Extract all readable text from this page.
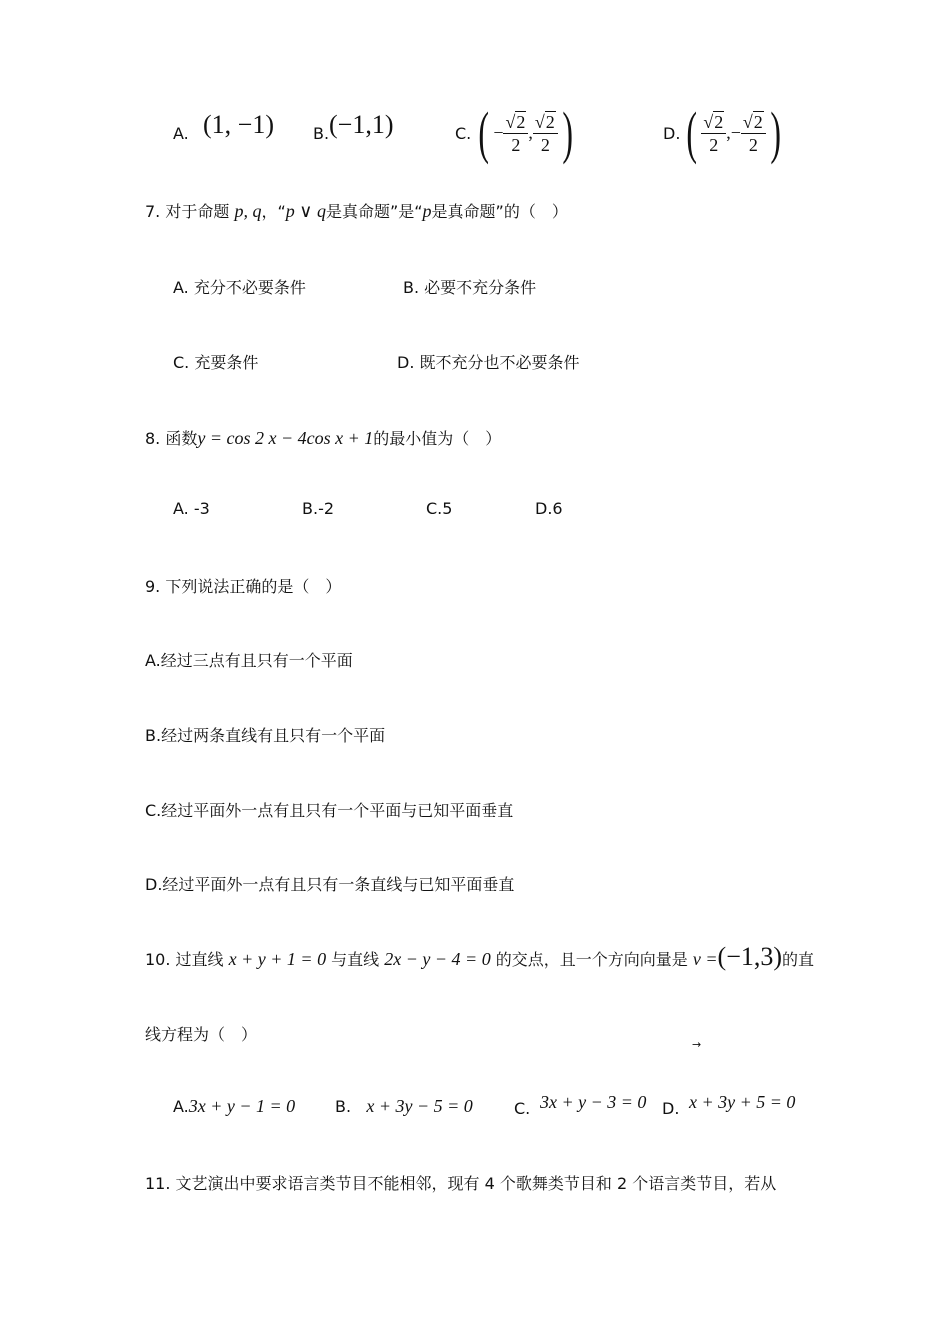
A. (1, −1) B. (−1,1)	C. ( − $\frac{√2}{2}$ , $\frac{√2}{2}$ )	D. ( $\frac{√2}{2}$ ,− $\frac{√2}{2}$ )
7. 对于命题 p, q，“p ∨ q是真命题”是“p是真命题”的（　）
A. 充分不必要条件	B. 必要不充分条件
C. 充要条件	D. 既不充分也不必要条件
8. 函数y = cos 2 x − 4cos x + 1的最小值为（　）
A. -3	B.-2	C.5	D.6
9. 下列说法正确的是（　）
A.经过三点有且只有一个平面
B.经过两条直线有且只有一个平面
C.经过平面外一点有且只有一个平面与已知平面垂直
D.经过平面外一点有且只有一条直线与已知平面垂直
10. 过直线 x + y + 1 = 0 与直线 2x − y − 4 = 0 的交点，且一个方向向量是 v =(−1,3)的直
线方程为（　）
→
A.3x + y − 1 = 0 B. x + 3y − 5 = 0	C. 3x + y − 3 = 0 D. x + 3y + 5 = 0
11. 文艺演出中要求语言类节目不能相邻，现有 4 个歌舞类节目和 2 个语言类节目，若从
